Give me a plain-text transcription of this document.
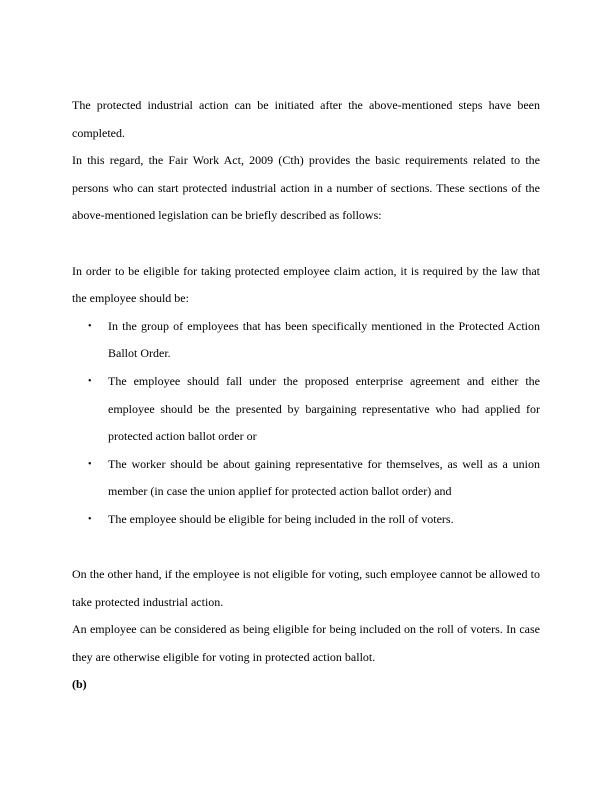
The protected industrial action can be initiated after the above-mentioned steps have been completed.

In this regard, the Fair Work Act, 2009 (Cth) provides the basic requirements related to the persons who can start protected industrial action in a number of sections. These sections of the above-mentioned legislation can be briefly described as follows:

In order to be eligible for taking protected employee claim action, it is required by the law that the employee should be:

• In the group of employees that has been specifically mentioned in the Protected Action Ballot Order.
• The employee should fall under the proposed enterprise agreement and either the employee should be the presented by bargaining representative who had applied for protected action ballot order or
• The worker should be about gaining representative for themselves, as well as a union member (in case the union applief for protected action ballot order) and
• The employee should be eligible for being included in the roll of voters.

On the other hand, if the employee is not eligible for voting, such employee cannot be allowed to take protected industrial action.

An employee can be considered as being eligible for being included on the roll of voters. In case they are otherwise eligible for voting in protected action ballot.

(b)
